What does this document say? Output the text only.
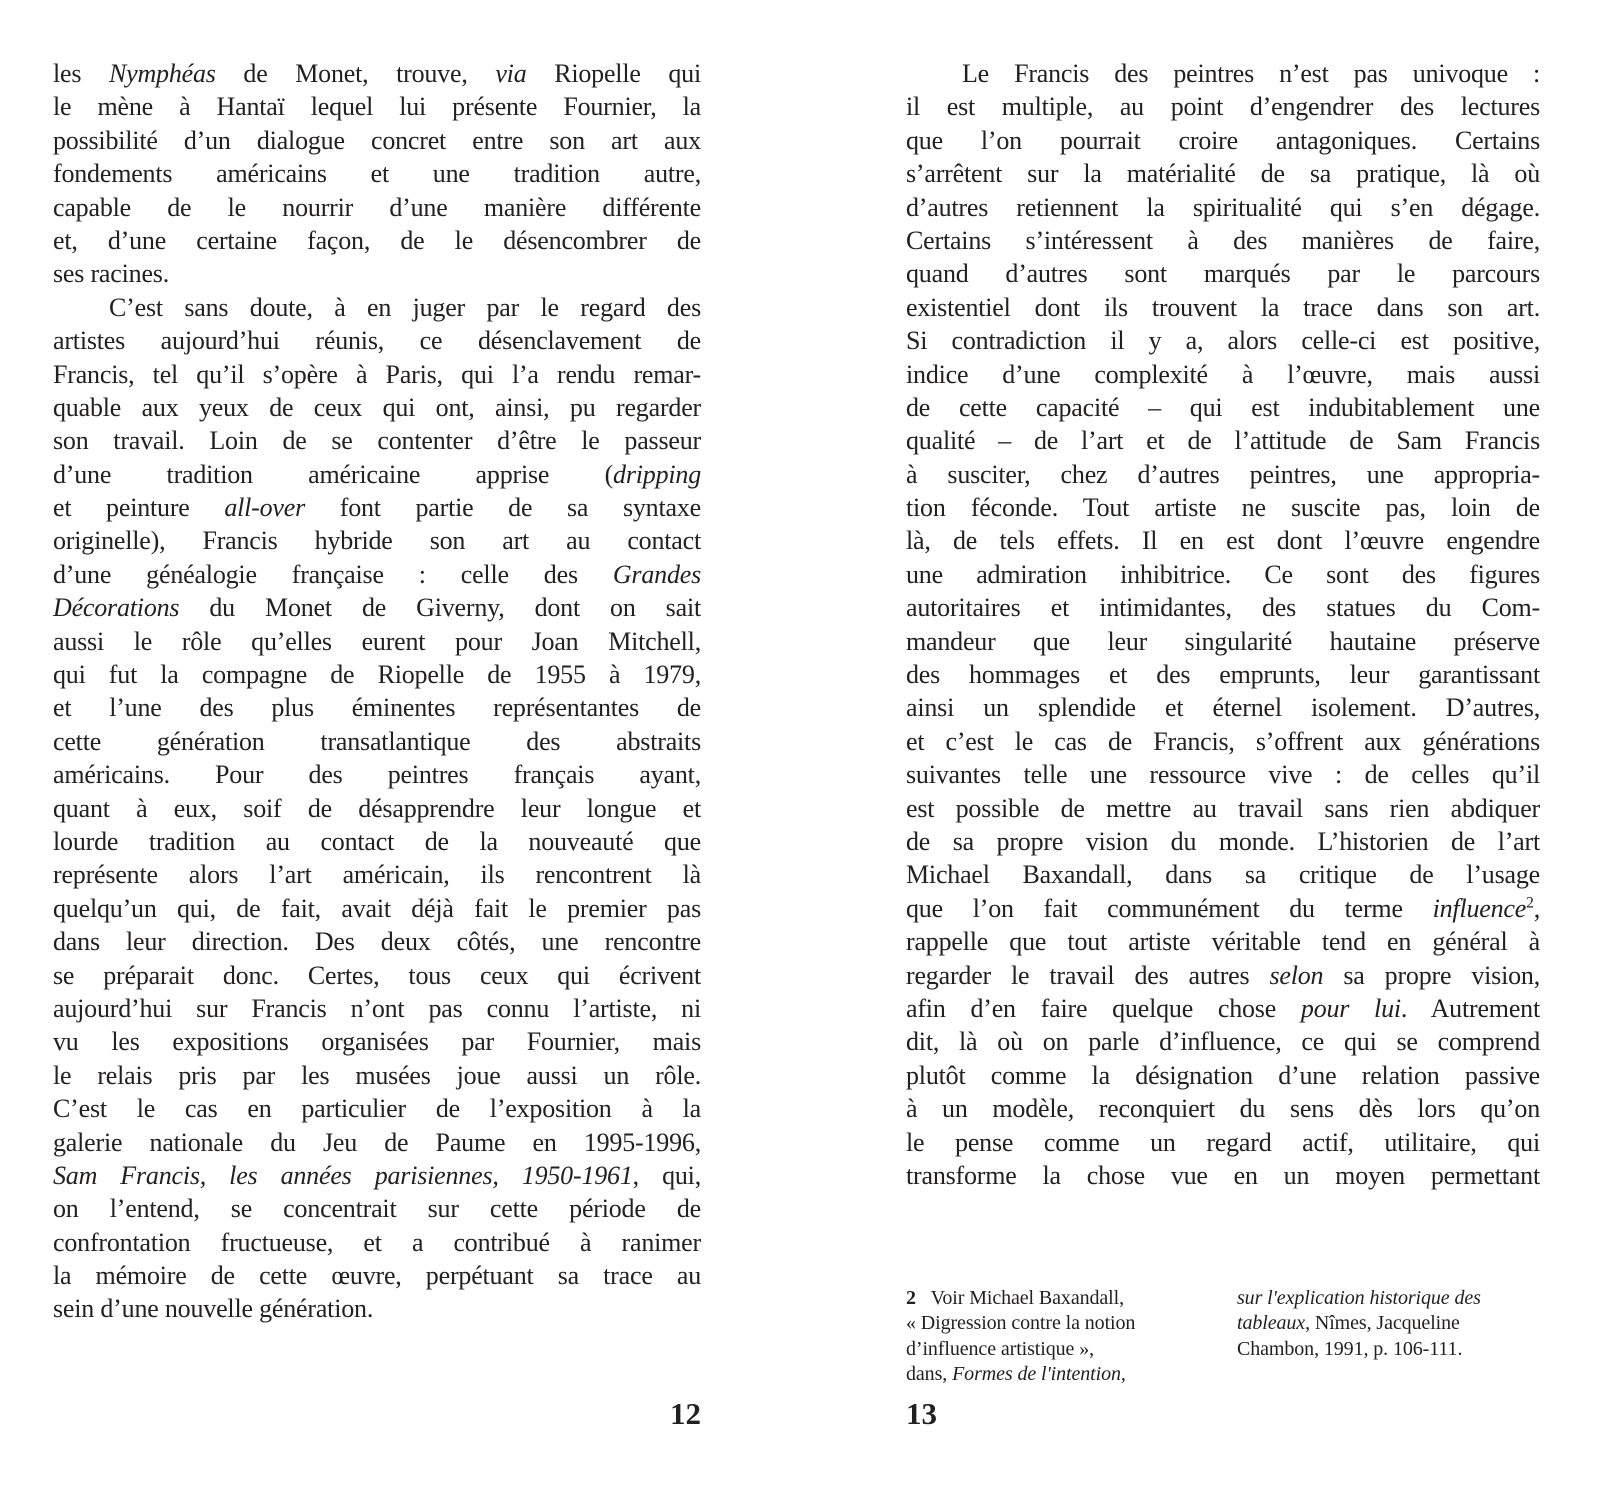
les Nymphéas de Monet, trouve, via Riopelle qui
le mène à Hantaï lequel lui présente Fournier, la
possibilité d’un dialogue concret entre son art aux
fondements américains et une tradition autre,
capable de le nourrir d’une manière différente
et, d’une certaine façon, de le désencombrer de
ses racines.
C’est sans doute, à en juger par le regard des
artistes aujourd’hui réunis, ce désenclavement de
Francis, tel qu’il s’opère à Paris, qui l’a rendu remar-
quable aux yeux de ceux qui ont, ainsi, pu regarder
son travail. Loin de se contenter d’être le passeur
d’une tradition américaine apprise (dripping
et peinture all-over font partie de sa syntaxe
originelle), Francis hybride son art au contact
d’une généalogie française : celle des Grandes
Décorations du Monet de Giverny, dont on sait
aussi le rôle qu’elles eurent pour Joan Mitchell,
qui fut la compagne de Riopelle de 1955 à 1979,
et l’une des plus éminentes représentantes de
cette génération transatlantique des abstraits
américains. Pour des peintres français ayant,
quant à eux, soif de désapprendre leur longue et
lourde tradition au contact de la nouveauté que
représente alors l’art américain, ils rencontrent là
quelqu’un qui, de fait, avait déjà fait le premier pas
dans leur direction. Des deux côtés, une rencontre
se préparait donc. Certes, tous ceux qui écrivent
aujourd’hui sur Francis n’ont pas connu l’artiste, ni
vu les expositions organisées par Fournier, mais
le relais pris par les musées joue aussi un rôle.
C’est le cas en particulier de l’exposition à la
galerie nationale du Jeu de Paume en 1995-1996,
Sam Francis, les années parisiennes, 1950-1961, qui,
on l’entend, se concentrait sur cette période de
confrontation fructueuse, et a contribué à ranimer
la mémoire de cette œuvre, perpétuant sa trace au
sein d’une nouvelle génération.
Le Francis des peintres n’est pas univoque :
il est multiple, au point d’engendrer des lectures
que l’on pourrait croire antagoniques. Certains
s’arrêtent sur la matérialité de sa pratique, là où
d’autres retiennent la spiritualité qui s’en dégage.
Certains s’intéressent à des manières de faire,
quand d’autres sont marqués par le parcours
existentiel dont ils trouvent la trace dans son art.
Si contradiction il y a, alors celle-ci est positive,
indice d’une complexité à l’œuvre, mais aussi
de cette capacité – qui est indubitablement une
qualité – de l’art et de l’attitude de Sam Francis
à susciter, chez d’autres peintres, une appropria-
tion féconde. Tout artiste ne suscite pas, loin de
là, de tels effets. Il en est dont l’œuvre engendre
une admiration inhibitrice. Ce sont des figures
autoritaires et intimidantes, des statues du Com-
mandeur que leur singularité hautaine préserve
des hommages et des emprunts, leur garantissant
ainsi un splendide et éternel isolement. D’autres,
et c’est le cas de Francis, s’offrent aux générations
suivantes telle une ressource vive : de celles qu’il
est possible de mettre au travail sans rien abdiquer
de sa propre vision du monde. L’historien de l’art
Michael Baxandall, dans sa critique de l’usage
que l’on fait communément du terme influence$^2$,
rappelle que tout artiste véritable tend en général à
regarder le travail des autres selon sa propre vision,
afin d’en faire quelque chose pour lui. Autrement
dit, là où on parle d’influence, ce qui se comprend
plutôt comme la désignation d’une relation passive
à un modèle, reconquiert du sens dès lors qu’on
le pense comme un regard actif, utilitaire, qui
transforme la chose vue en un moyen permettant
2   Voir Michael Baxandall,
« Digression contre la notion
d’influence artistique »,
dans, Formes de l'intention,
sur l'explication historique des
tableaux, Nîmes, Jacqueline
Chambon, 1991, p. 106-111.
12	13
